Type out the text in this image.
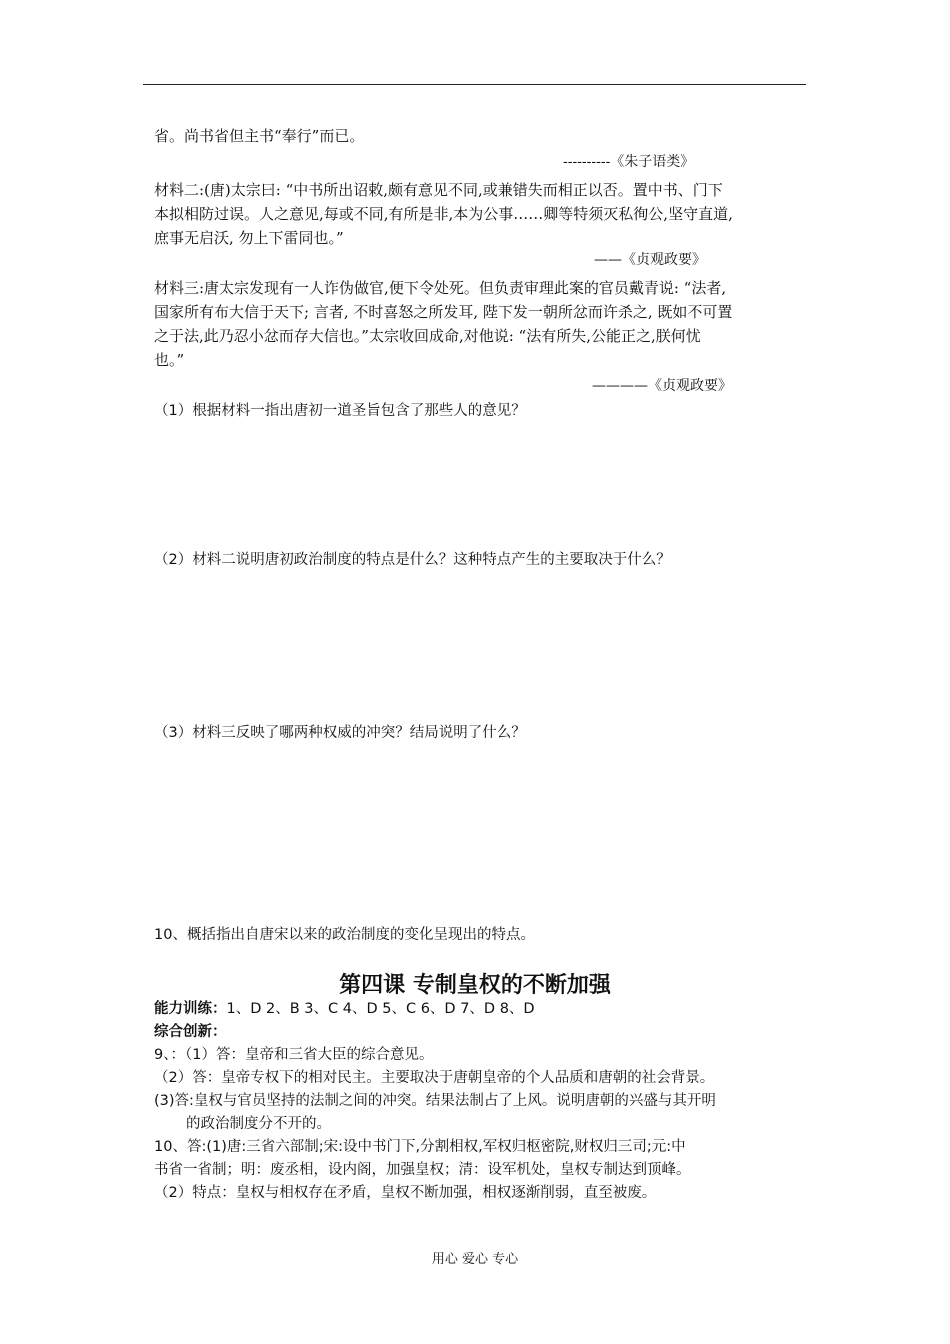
省。尚书省但主书“奉行”而已。

----------《朱子语类》

材料二:(唐)太宗曰: “中书所出诏敕,颇有意见不同,或兼错失而相正以否。置中书、门下
本拟相防过误。人之意见,每或不同,有所是非,本为公事……卿等特须灭私徇公,坚守直道,
庶事无启沃, 勿上下雷同也。”

——《贞观政要》

材料三:唐太宗发现有一人诈伪做官,便下令处死。但负责审理此案的官员戴青说: “法者,
国家所有布大信于天下; 言者, 不时喜怒之所发耳, 陛下发一朝所忿而许杀之, 既如不可置
之于法,此乃忍小忿而存大信也。”太宗收回成命,对他说: “法有所失,公能正之,朕何忧
也。”

————《贞观政要》

（1）根据材料一指出唐初一道圣旨包含了那些人的意见？

（2）材料二说明唐初政治制度的特点是什么？这种特点产生的主要取决于什么？

（3）材料三反映了哪两种权威的冲突？结局说明了什么？

10、概括指出自唐宋以来的政治制度的变化呈现出的特点。

第四课 专制皇权的不断加强
能力训练：1、D 2、B 3、C 4、D 5、C 6、D 7、D 8、D
综合创新：
9、：（1）答：皇帝和三省大臣的综合意见。
（2）答：皇帝专权下的相对民主。主要取决于唐朝皇帝的个人品质和唐朝的社会背景。
(3)答:皇权与官员坚持的法制之间的冲突。结果法制占了上风。说明唐朝的兴盛与其开明
的政治制度分不开的。
10、答:(1)唐:三省六部制;宋:设中书门下,分割相权,军权归枢密院,财权归三司;元:中
书省一省制；明：废丞相，设内阁，加强皇权；清：设军机处，皇权专制达到顶峰。
（2）特点：皇权与相权存在矛盾，皇权不断加强，相权逐渐削弱，直至被废。
用心 爱心 专心
